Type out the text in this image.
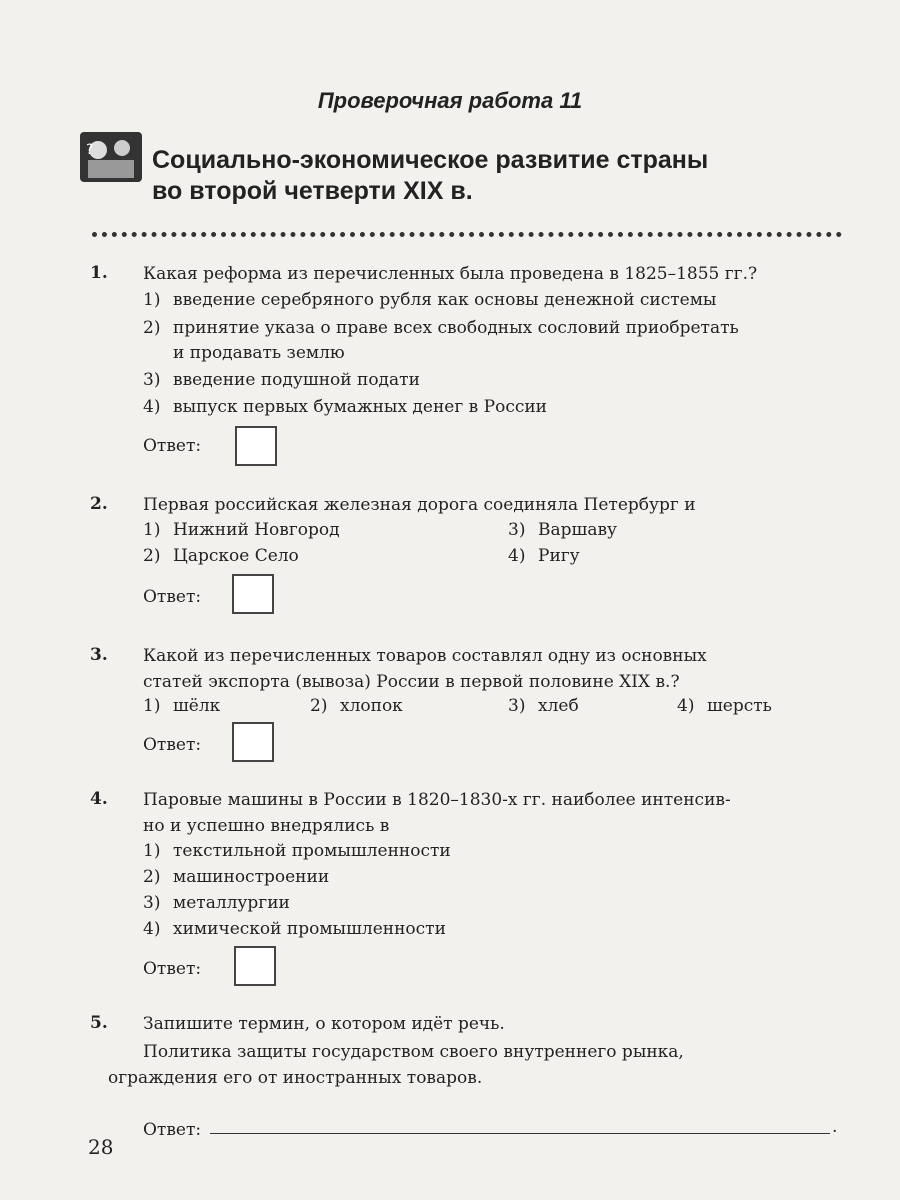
Проверочная работа 11
? Социально-экономическое развитие страны
во второй четверти XIX в.
1. Какая реформа из перечисленных была проведена в 1825–1855 гг.?
1) введение серебряного рубля как основы денежной системы
2) принятие указа о праве всех свободных сословий приобретать
и продавать землю
3) введение подушной подати
4) выпуск первых бумажных денег в России
Ответ:
2. Первая российская железная дорога соединяла Петербург и
1) Нижний Новгород
2) Царское Село
3) Варшаву
4) Ригу
Ответ:
3. Какой из перечисленных товаров составлял одну из основных
статей экспорта (вывоза) России в первой половине XIX в.?
1) шёлк	2) хлопок	3) хлеб	4) шерсть
Ответ:
4. Паровые машины в России в 1820–1830-х гг. наиболее интенсив-
но и успешно внедрялись в
1) текстильной промышленности
2) машиностроении
3) металлургии
4) химической промышленности
Ответ:
5. Запишите термин, о котором идёт речь.
Политика защиты государством своего внутреннего рынка,
ограждения его от иностранных товаров.
Ответ:	.
28
